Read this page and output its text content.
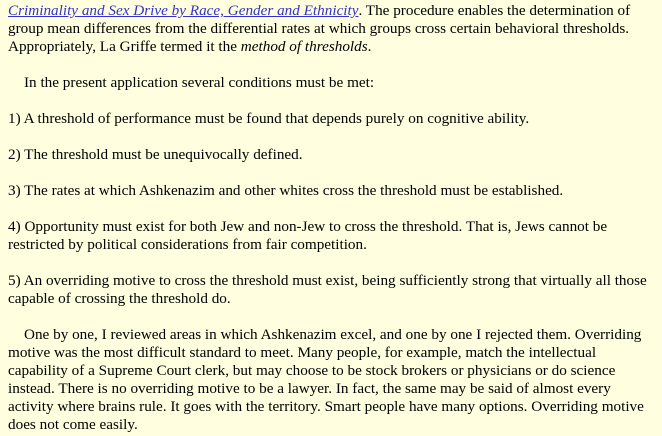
Criminality and Sex Drive by Race, Gender and Ethnicity. The procedure enables the determination of group mean differences from the differential rates at which groups cross certain behavioral thresholds. Appropriately, La Griffe termed it the method of thresholds.

In the present application several conditions must be met:

1) A threshold of performance must be found that depends purely on cognitive ability.

2) The threshold must be unequivocally defined.

3) The rates at which Ashkenazim and other whites cross the threshold must be established.

4) Opportunity must exist for both Jew and non-Jew to cross the threshold. That is, Jews cannot be restricted by political considerations from fair competition.

5) An overriding motive to cross the threshold must exist, being sufficiently strong that virtually all those capable of crossing the threshold do.

One by one, I reviewed areas in which Ashkenazim excel, and one by one I rejected them. Overriding motive was the most difficult standard to meet. Many people, for example, match the intellectual capability of a Supreme Court clerk, but may choose to be stock brokers or physicians or do science instead. There is no overriding motive to be a lawyer. In fact, the same may be said of almost every activity where brains rule. It goes with the territory. Smart people have many options. Overriding motive does not come easily.
